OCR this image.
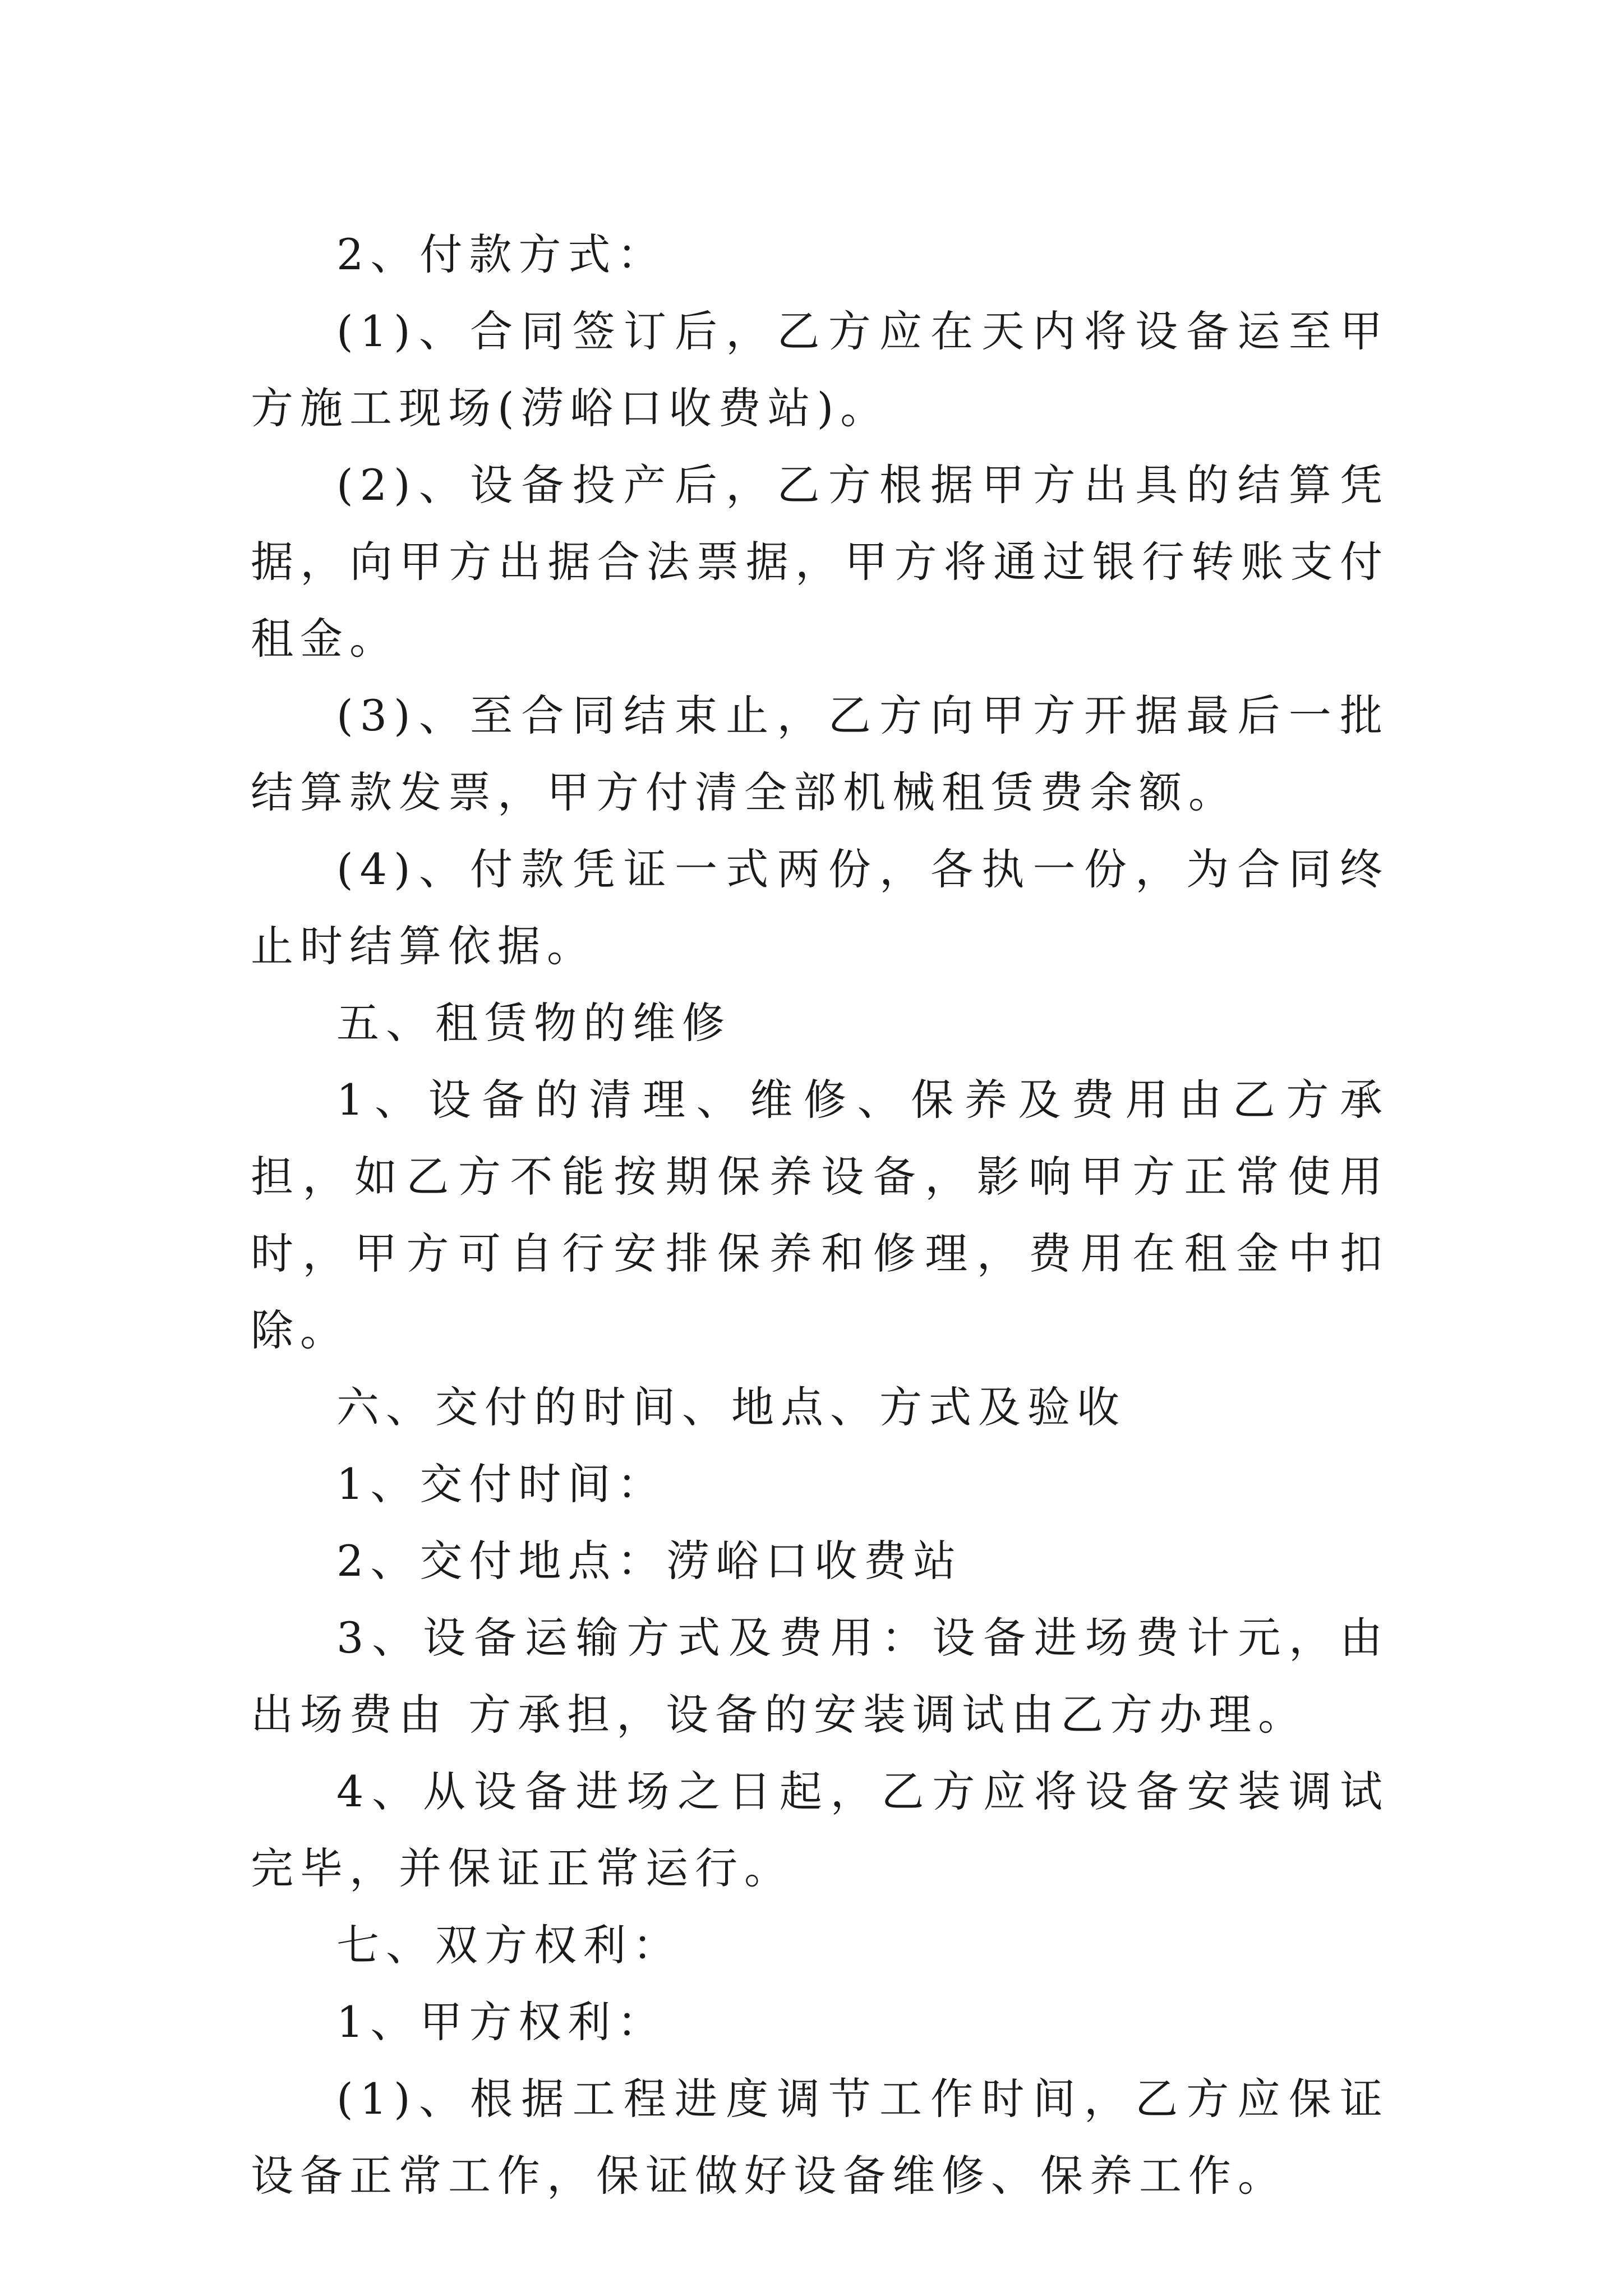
2、付款方式：

(1)、合同签订后，乙方应在天内将设备运至甲方施工现场(涝峪口收费站)。

(2)、设备投产后，乙方根据甲方出具的结算凭据，向甲方出据合法票据，甲方将通过银行转账支付租金。

(3)、至合同结束止，乙方向甲方开据最后一批结算款发票，甲方付清全部机械租赁费余额。

(4)、付款凭证一式两份，各执一份，为合同终止时结算依据。

五、租赁物的维修

1、设备的清理、维修、保养及费用由乙方承担，如乙方不能按期保养设备，影响甲方正常使用时，甲方可自行安排保养和修理，费用在租金中扣除。

六、交付的时间、地点、方式及验收

1、交付时间：

2、交付地点：涝峪口收费站

3、设备运输方式及费用：设备进场费计元，由出场费由 方承担，设备的安装调试由乙方办理。

4、从设备进场之日起，乙方应将设备安装调试完毕，并保证正常运行。

七、双方权利：

1、甲方权利：

(1)、根据工程进度调节工作时间，乙方应保证设备正常工作，保证做好设备维修、保养工作。
